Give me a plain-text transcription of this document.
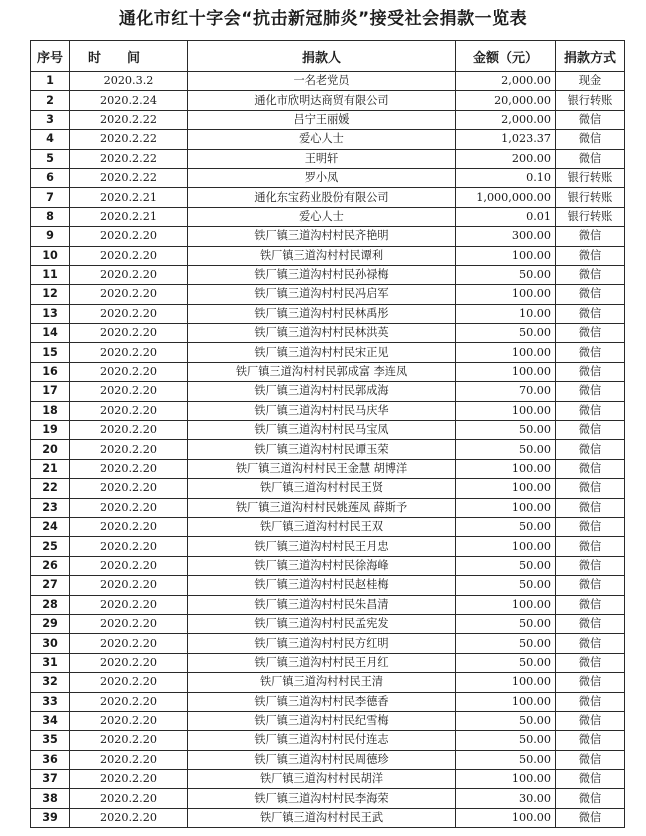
通化市红十字会“抗击新冠肺炎”接受社会捐款一览表
序号	时　　间	捐款人	金额（元）	捐款方式
1	2020.3.2	一名老党员	2,000.00	现金
2	2020.2.24	通化市欣明达商贸有限公司	20,000.00	银行转账
3	2020.2.22	吕宁王丽媛	2,000.00	微信
4	2020.2.22	爱心人士	1,023.37	微信
5	2020.2.22	王明轩	200.00	微信
6	2020.2.22	罗小凤	0.10	银行转账
7	2020.2.21	通化东宝药业股份有限公司	1,000,000.00	银行转账
8	2020.2.21	爱心人士	0.01	银行转账
9	2020.2.20	铁厂镇三道沟村村民齐艳明	300.00	微信
10	2020.2.20	铁厂镇三道沟村村民谭利	100.00	微信
11	2020.2.20	铁厂镇三道沟村村民孙禄梅	50.00	微信
12	2020.2.20	铁厂镇三道沟村村民冯启军	100.00	微信
13	2020.2.20	铁厂镇三道沟村村民林禹彤	10.00	微信
14	2020.2.20	铁厂镇三道沟村村民林洪英	50.00	微信
15	2020.2.20	铁厂镇三道沟村村民宋正见	100.00	微信
16	2020.2.20	铁厂镇三道沟村村民郭成富 李连凤	100.00	微信
17	2020.2.20	铁厂镇三道沟村村民郭成海	70.00	微信
18	2020.2.20	铁厂镇三道沟村村民马庆华	100.00	微信
19	2020.2.20	铁厂镇三道沟村村民马宝凤	50.00	微信
20	2020.2.20	铁厂镇三道沟村村民谭玉荣	50.00	微信
21	2020.2.20	铁厂镇三道沟村村民王金慧 胡博洋	100.00	微信
22	2020.2.20	铁厂镇三道沟村村民王贤	100.00	微信
23	2020.2.20	铁厂镇三道沟村村民姚莲凤 薛斯予	100.00	微信
24	2020.2.20	铁厂镇三道沟村村民王双	50.00	微信
25	2020.2.20	铁厂镇三道沟村村民王月忠	100.00	微信
26	2020.2.20	铁厂镇三道沟村村民徐海峰	50.00	微信
27	2020.2.20	铁厂镇三道沟村村民赵桂梅	50.00	微信
28	2020.2.20	铁厂镇三道沟村村民朱昌清	100.00	微信
29	2020.2.20	铁厂镇三道沟村村民孟宪发	50.00	微信
30	2020.2.20	铁厂镇三道沟村村民方红明	50.00	微信
31	2020.2.20	铁厂镇三道沟村村民王月红	50.00	微信
32	2020.2.20	铁厂镇三道沟村村民王清	100.00	微信
33	2020.2.20	铁厂镇三道沟村村民李德香	100.00	微信
34	2020.2.20	铁厂镇三道沟村村民纪雪梅	50.00	微信
35	2020.2.20	铁厂镇三道沟村村民付连志	50.00	微信
36	2020.2.20	铁厂镇三道沟村村民周德珍	50.00	微信
37	2020.2.20	铁厂镇三道沟村村民胡洋	100.00	微信
38	2020.2.20	铁厂镇三道沟村村民李海荣	30.00	微信
39	2020.2.20	铁厂镇三道沟村村民王武	100.00	微信
